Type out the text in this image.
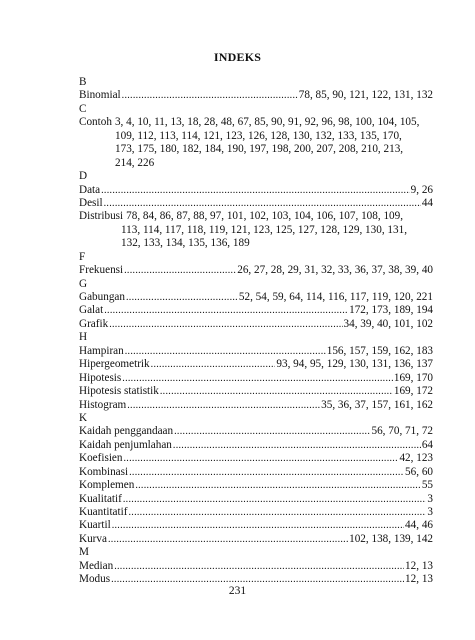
INDEKS
B
Binomial .....	78, 85, 90, 121, 122, 131, 132
C
Contoh 3, 4, 10, 11, 13, 18, 28, 48, 67, 85, 90, 91, 92, 96, 98, 100, 104, 105,
109, 112, 113, 114, 121, 123, 126, 128, 130, 132, 133, 135, 170,
173, 175, 180, 182, 184, 190, 197, 198, 200, 207, 208, 210, 213,
214, 226
D
Data .....	9, 26
Desil .....	44
Distribusi 78, 84, 86, 87, 88, 97, 101, 102, 103, 104, 106, 107, 108, 109,
113, 114, 117, 118, 119, 121, 123, 125, 127, 128, 129, 130, 131,
132, 133, 134, 135, 136, 189
F
Frekuensi .....	26, 27, 28, 29, 31, 32, 33, 36, 37, 38, 39, 40
G
Gabungan .....	52, 54, 59, 64, 114, 116, 117, 119, 120, 221
Galat .....	172, 173, 189, 194
Grafik .....	34, 39, 40, 101, 102
H
Hampiran .....	156, 157, 159, 162, 183
Hipergeometrik .....	93, 94, 95, 129, 130, 131, 136, 137
Hipotesis .....	169, 170
Hipotesis statistik .....	169, 172
Histogram .....	35, 36, 37, 157, 161, 162
K
Kaidah penggandaan .....	56, 70, 71, 72
Kaidah penjumlahan .....	64
Koefisien .....	42, 123
Kombinasi .....	56, 60
Komplemen .....	55
Kualitatif .....	3
Kuantitatif .....	3
Kuartil .....	44, 46
Kurva .....	102, 138, 139, 142
M
Median .....	12, 13
Modus .....	12, 13
231
